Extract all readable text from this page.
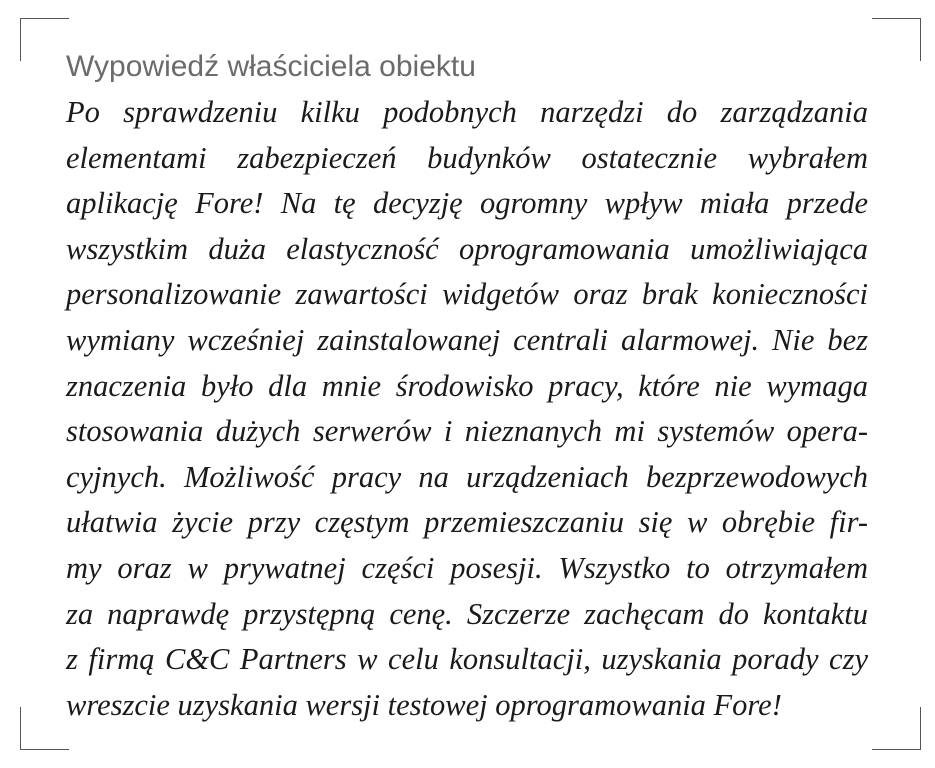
Wypowiedź właściciela obiektu

Po sprawdzeniu kilku podobnych narzędzi do zarządzania
elementami zabezpieczeń budynków ostatecznie wybrałem
aplikację Fore! Na tę decyzję ogromny wpływ miała przede
wszystkim duża elastyczność oprogramowania umożliwiająca
personalizowanie zawartości widgetów oraz brak konieczności
wymiany wcześniej zainstalowanej centrali alarmowej. Nie bez
znaczenia było dla mnie środowisko pracy, które nie wymaga
stosowania dużych serwerów i nieznanych mi systemów opera-
cyjnych. Możliwość pracy na urządzeniach bezprzewodowych
ułatwia życie przy częstym przemieszczaniu się w obrębie fir-
my oraz w prywatnej części posesji. Wszystko to otrzymałem
za naprawdę przystępną cenę. Szczerze zachęcam do kontaktu
z firmą C&C Partners w celu konsultacji, uzyskania porady czy
wreszcie uzyskania wersji testowej oprogramowania Fore!
